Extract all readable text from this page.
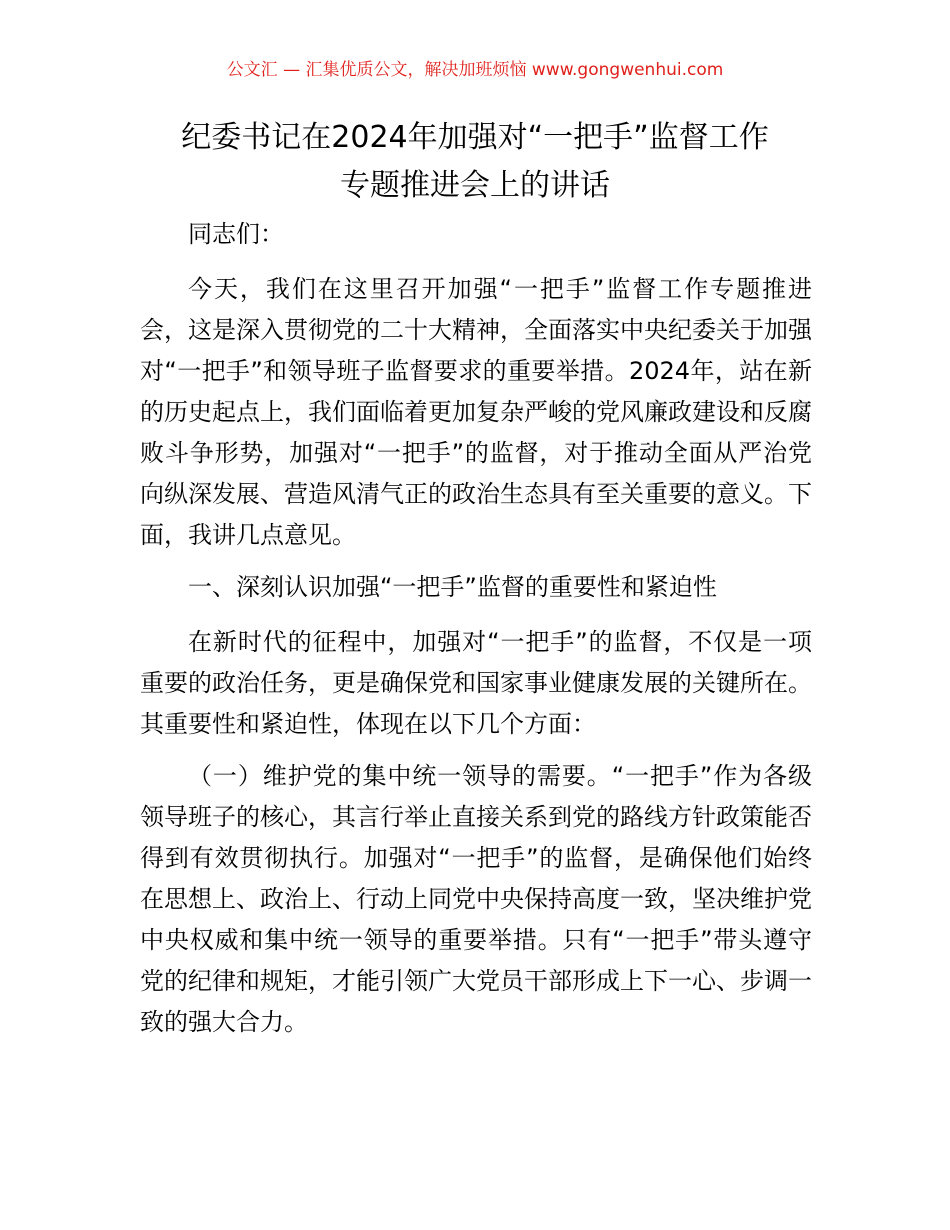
公文汇 — 汇集优质公文，解决加班烦恼 www.gongwenhui.com
纪委书记在2024年加强对“一把手”监督工作
专题推进会上的讲话

同志们：

今天，我们在这里召开加强“一把手”监督工作专题推进会，这是深入贯彻党的二十大精神，全面落实中央纪委关于加强对“一把手”和领导班子监督要求的重要举措。2024年，站在新的历史起点上，我们面临着更加复杂严峻的党风廉政建设和反腐败斗争形势，加强对“一把手”的监督，对于推动全面从严治党向纵深发展、营造风清气正的政治生态具有至关重要的意义。下面，我讲几点意见。

一、深刻认识加强“一把手”监督的重要性和紧迫性

在新时代的征程中，加强对“一把手”的监督，不仅是一项重要的政治任务，更是确保党和国家事业健康发展的关键所在。其重要性和紧迫性，体现在以下几个方面：

（一）维护党的集中统一领导的需要。“一把手”作为各级领导班子的核心，其言行举止直接关系到党的路线方针政策能否得到有效贯彻执行。加强对“一把手”的监督，是确保他们始终在思想上、政治上、行动上同党中央保持高度一致，坚决维护党中央权威和集中统一领导的重要举措。只有“一把手”带头遵守党的纪律和规矩，才能引领广大党员干部形成上下一心、步调一致的强大合力。
